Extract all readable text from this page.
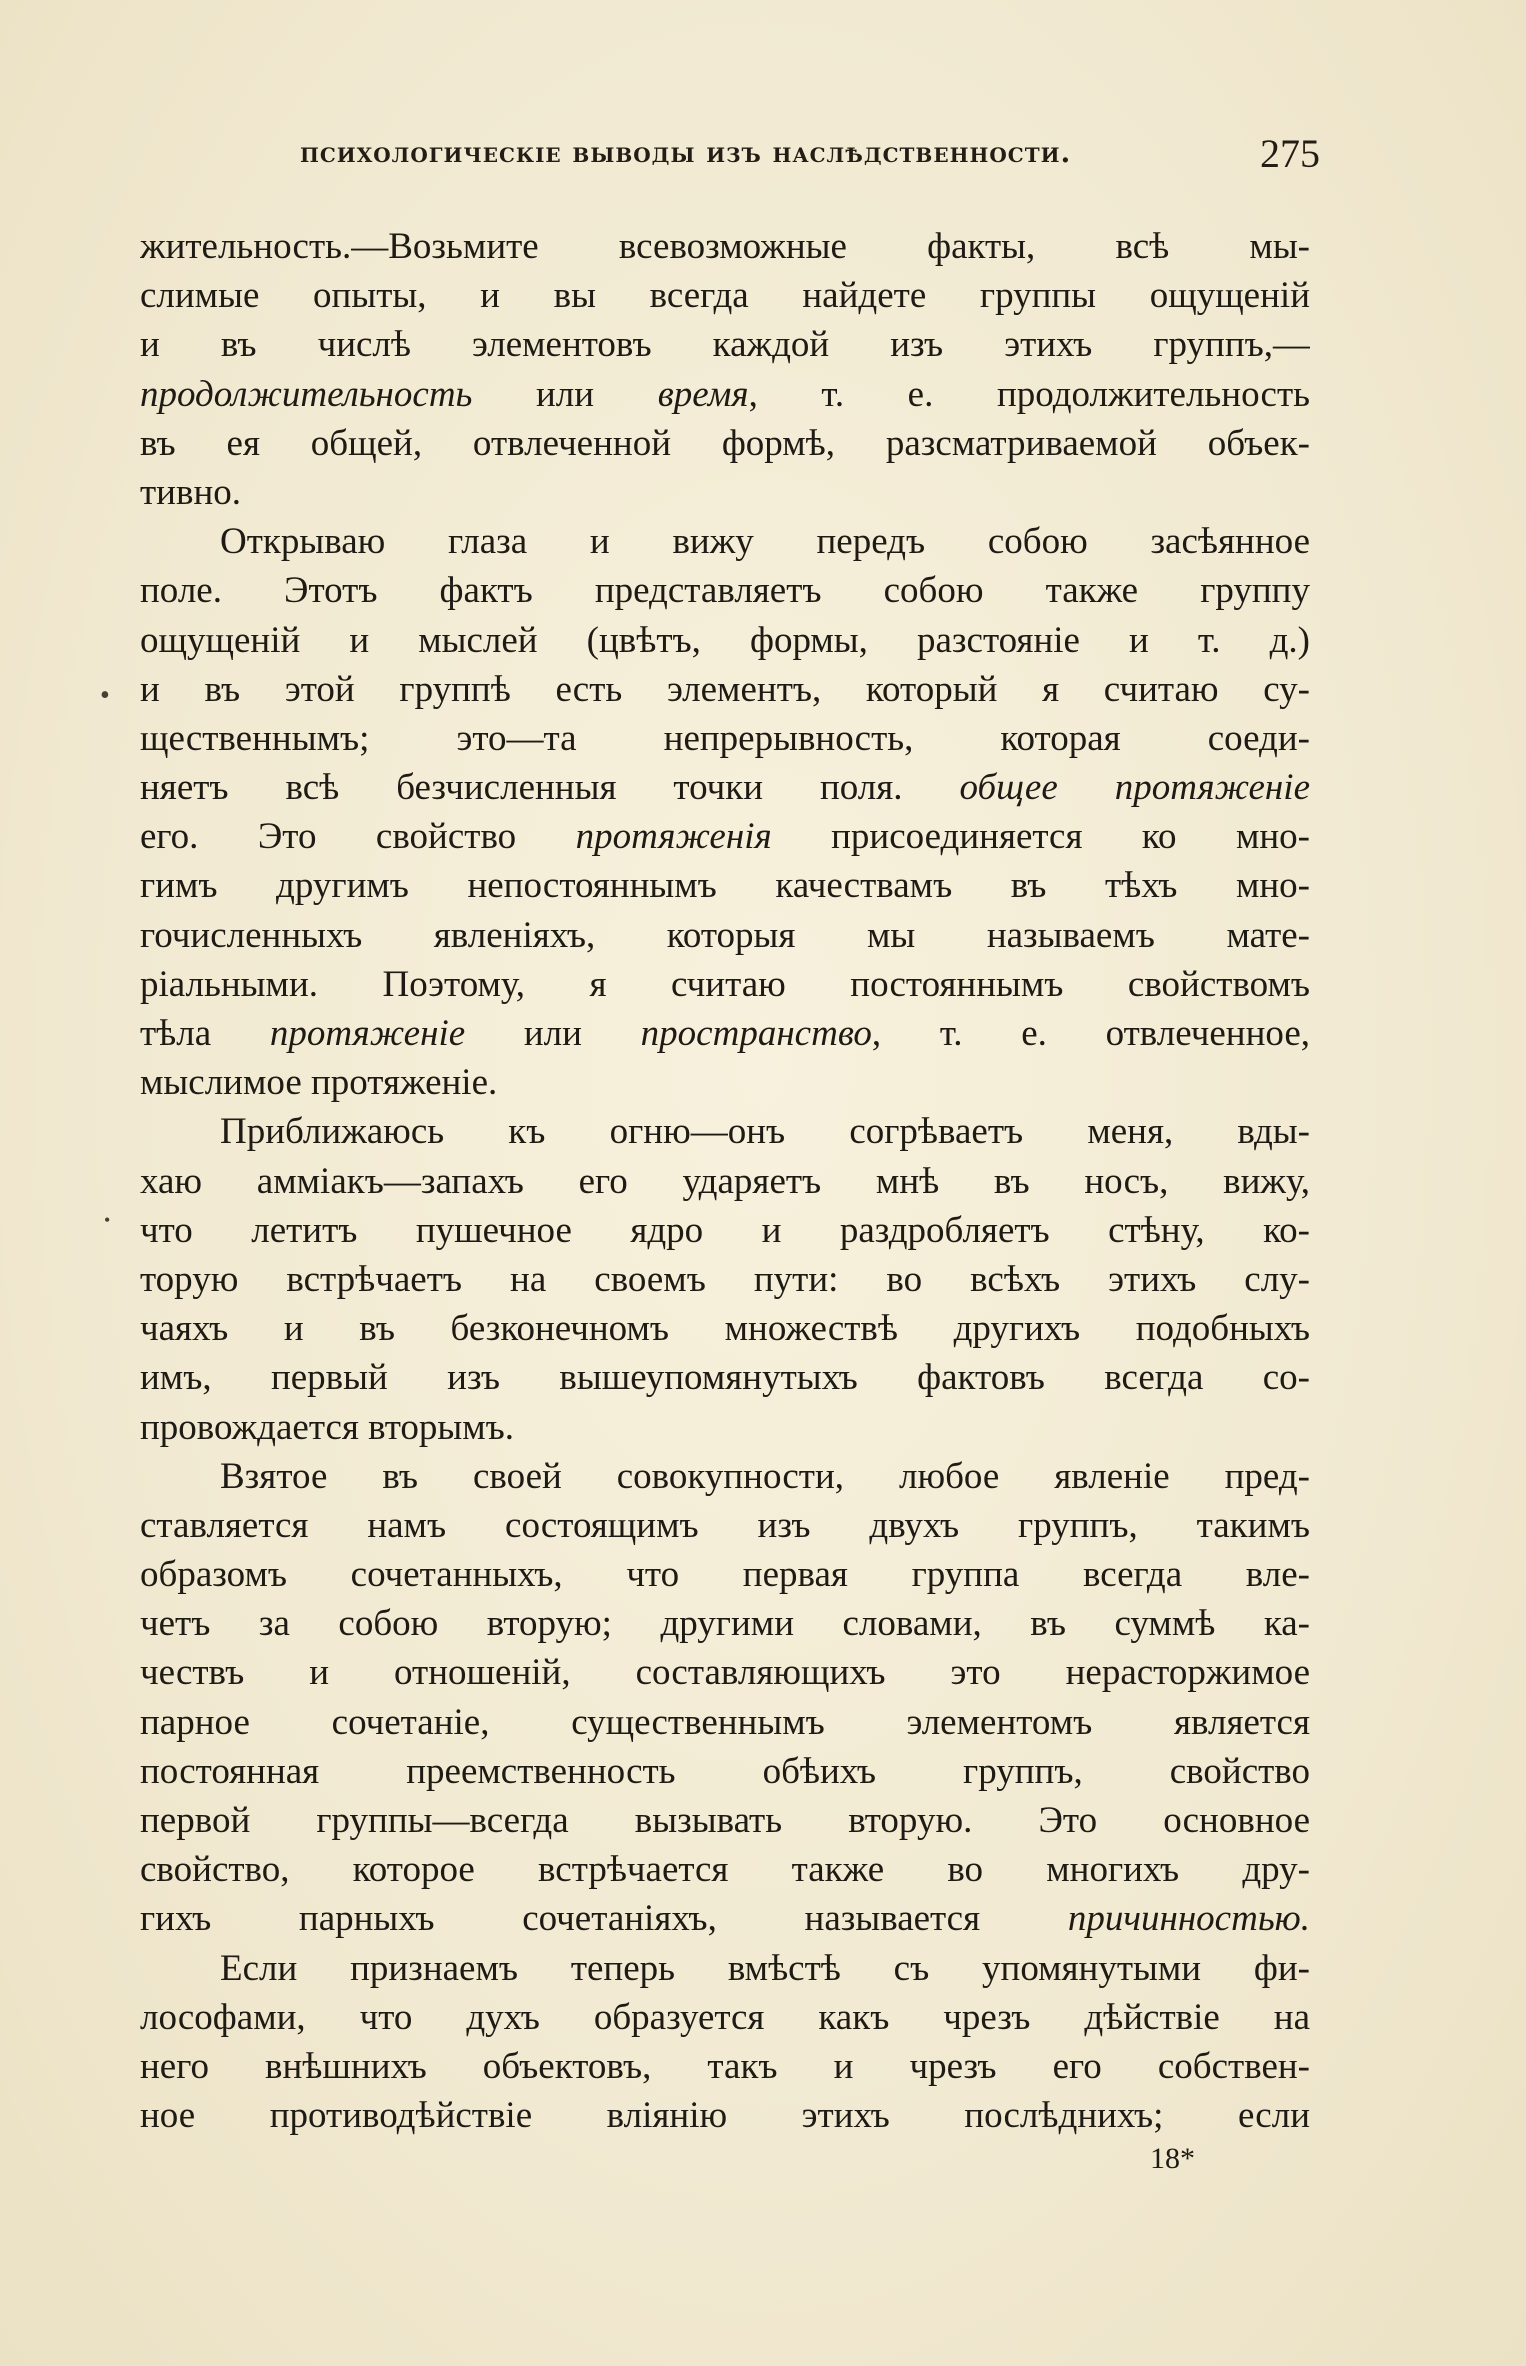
психологическіе выводы изъ наслѣдственности.	275
жительность.—Возьмите всевозможные факты, всѣ мы-
слимые опыты, и вы всегда найдете группы ощущеній
и въ числѣ элементовъ каждой изъ этихъ группъ,—
продолжительность или время, т. е. продолжительность
въ ея общей, отвлеченной формѣ, разсматриваемой объек-
тивно.
Открываю глаза и вижу передъ собою засѣянное
поле. Этотъ фактъ представляетъ собою также группу
ощущеній и мыслей (цвѣтъ, формы, разстояніе и т. д.)
и въ этой группѣ есть элементъ, который я считаю су-
щественнымъ; это—та непрерывность, которая соеди-
няетъ всѣ безчисленныя точки поля. общее протяженіе
его. Это свойство протяженія присоединяется ко мно-
гимъ другимъ непостояннымъ качествамъ въ тѣхъ мно-
гочисленныхъ явленіяхъ, которыя мы называемъ мате-
ріальными. Поэтому, я считаю постояннымъ свойствомъ
тѣла протяженіе или пространство, т. е. отвлеченное,
мыслимое протяженіе.
Приближаюсь къ огню—онъ согрѣваетъ меня, вды-
хаю амміакъ—запахъ его ударяетъ мнѣ въ носъ, вижу,
что летитъ пушечное ядро и раздробляетъ стѣну, ко-
торую встрѣчаетъ на своемъ пути: во всѣхъ этихъ слу-
чаяхъ и въ безконечномъ множествѣ другихъ подобныхъ
имъ, первый изъ вышеупомянутыхъ фактовъ всегда со-
провождается вторымъ.
Взятое въ своей совокупности, любое явленіе пред-
ставляется намъ состоящимъ изъ двухъ группъ, такимъ
образомъ сочетанныхъ, что первая группа всегда вле-
четъ за собою вторую; другими словами, въ суммѣ ка-
чествъ и отношеній, составляющихъ это нерасторжимое
парное сочетаніе, существеннымъ элементомъ является
постоянная преемственность обѣихъ группъ, свойство
первой группы—всегда вызывать вторую. Это основное
свойство, которое встрѣчается также во многихъ дру-
гихъ парныхъ сочетаніяхъ, называется причинностью.
Если признаемъ теперь вмѣстѣ съ упомянутыми фи-
лософами, что духъ образуется какъ чрезъ дѣйствіе на
него внѣшнихъ объектовъ, такъ и чрезъ его собствен-
ное противодѣйствіе вліянію этихъ послѣднихъ; если
18*
•
•
